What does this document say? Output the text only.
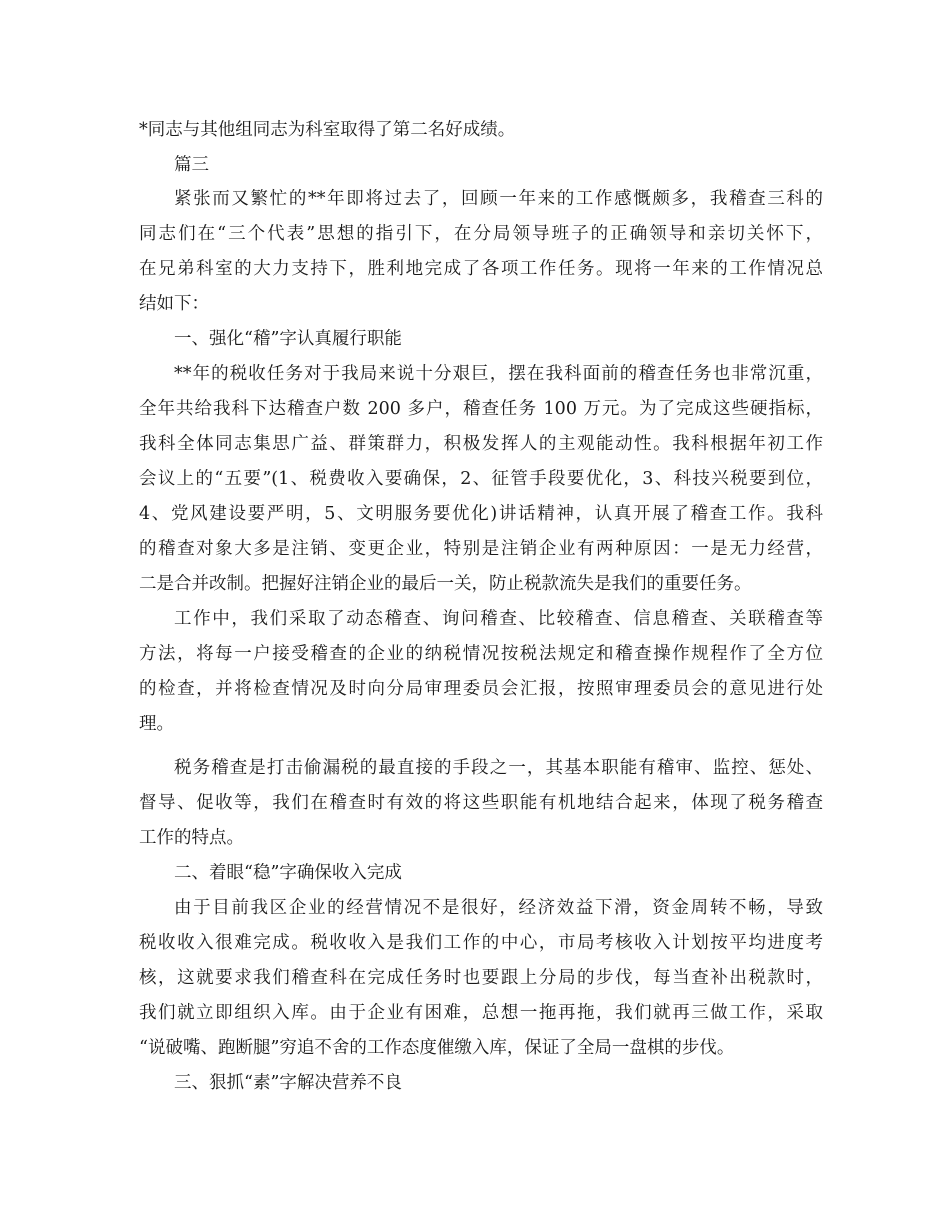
*同志与其他组同志为科室取得了第二名好成绩。
篇三
紧张而又繁忙的**年即将过去了，回顾一年来的工作感慨颇多，我稽查三科的
同志们在“三个代表”思想的指引下，在分局领导班子的正确领导和亲切关怀下，
在兄弟科室的大力支持下，胜利地完成了各项工作任务。现将一年来的工作情况总
结如下：
一、强化“稽”字认真履行职能
**年的税收任务对于我局来说十分艰巨，摆在我科面前的稽查任务也非常沉重，
全年共给我科下达稽查户数 200 多户，稽查任务 100 万元。为了完成这些硬指标，
我科全体同志集思广益、群策群力，积极发挥人的主观能动性。我科根据年初工作
会议上的“五要”(1、税费收入要确保，2、征管手段要优化，3、科技兴税要到位，
4、党风建设要严明，5、文明服务要优化)讲话精神，认真开展了稽查工作。我科
的稽查对象大多是注销、变更企业，特别是注销企业有两种原因：一是无力经营，
二是合并改制。把握好注销企业的最后一关，防止税款流失是我们的重要任务。
工作中，我们采取了动态稽查、询问稽查、比较稽查、信息稽查、关联稽查等
方法，将每一户接受稽查的企业的纳税情况按税法规定和稽查操作规程作了全方位
的检查，并将检查情况及时向分局审理委员会汇报，按照审理委员会的意见进行处
理。
税务稽查是打击偷漏税的最直接的手段之一，其基本职能有稽审、监控、惩处、
督导、促收等，我们在稽查时有效的将这些职能有机地结合起来，体现了税务稽查
工作的特点。
二、着眼“稳”字确保收入完成
由于目前我区企业的经营情况不是很好，经济效益下滑，资金周转不畅，导致
税收收入很难完成。税收收入是我们工作的中心，市局考核收入计划按平均进度考
核，这就要求我们稽查科在完成任务时也要跟上分局的步伐，每当查补出税款时，
我们就立即组织入库。由于企业有困难，总想一拖再拖，我们就再三做工作，采取
“说破嘴、跑断腿”穷追不舍的工作态度催缴入库，保证了全局一盘棋的步伐。
三、狠抓“素”字解决营养不良
